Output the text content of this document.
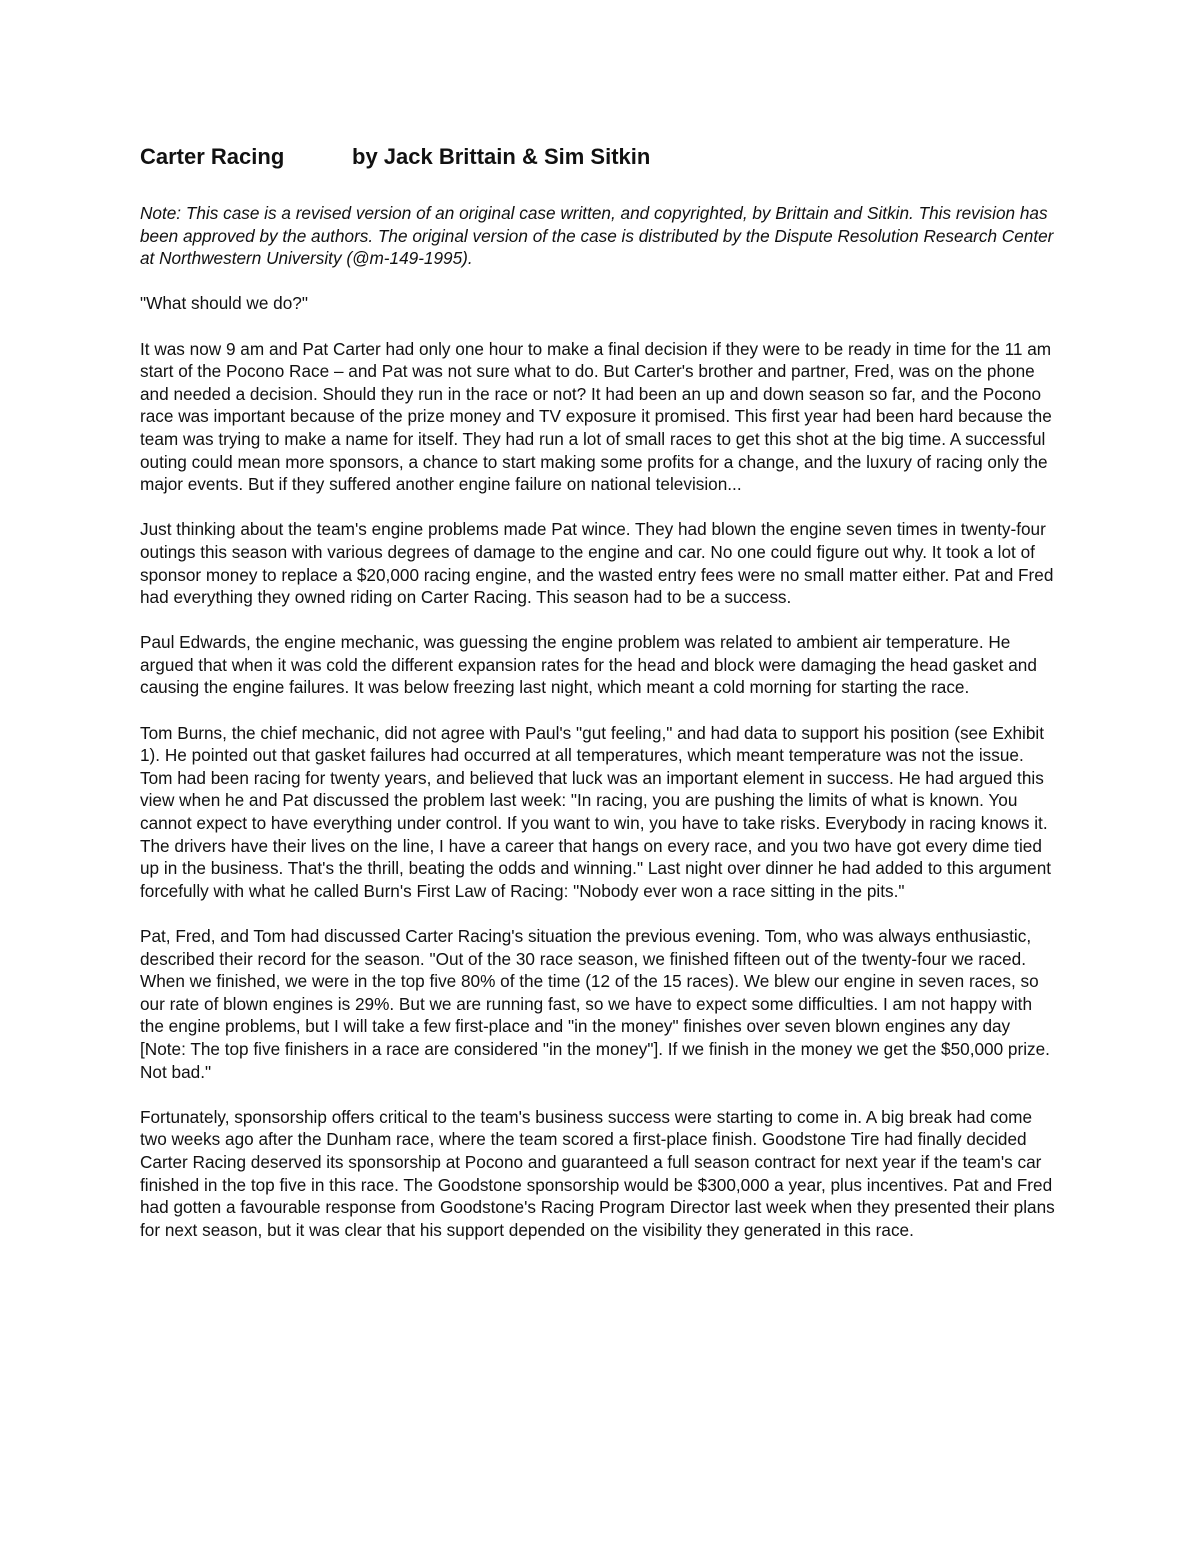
Carter Racing	by Jack Brittain & Sim Sitkin

Note: This case is a revised version of an original case written, and copyrighted, by Brittain and Sitkin. This revision has been approved by the authors. The original version of the case is distributed by the Dispute Resolution Research Center at Northwestern University (@m-149-1995).

"What should we do?"

It was now 9 am and Pat Carter had only one hour to make a final decision if they were to be ready in time for the 11 am start of the Pocono Race – and Pat was not sure what to do. But Carter's brother and partner, Fred, was on the phone and needed a decision. Should they run in the race or not? It had been an up and down season so far, and the Pocono race was important because of the prize money and TV exposure it promised. This first year had been hard because the team was trying to make a name for itself. They had run a lot of small races to get this shot at the big time. A successful outing could mean more sponsors, a chance to start making some profits for a change, and the luxury of racing only the major events. But if they suffered another engine failure on national television...

Just thinking about the team's engine problems made Pat wince. They had blown the engine seven times in twenty-four outings this season with various degrees of damage to the engine and car. No one could figure out why. It took a lot of sponsor money to replace a $20,000 racing engine, and the wasted entry fees were no small matter either. Pat and Fred had everything they owned riding on Carter Racing. This season had to be a success.

Paul Edwards, the engine mechanic, was guessing the engine problem was related to ambient air temperature. He argued that when it was cold the different expansion rates for the head and block were damaging the head gasket and causing the engine failures. It was below freezing last night, which meant a cold morning for starting the race.

Tom Burns, the chief mechanic, did not agree with Paul's "gut feeling," and had data to support his position (see Exhibit 1). He pointed out that gasket failures had occurred at all temperatures, which meant temperature was not the issue. Tom had been racing for twenty years, and believed that luck was an important element in success. He had argued this view when he and Pat discussed the problem last week: "In racing, you are pushing the limits of what is known. You cannot expect to have everything under control. If you want to win, you have to take risks. Everybody in racing knows it. The drivers have their lives on the line, I have a career that hangs on every race, and you two have got every dime tied up in the business. That's the thrill, beating the odds and winning." Last night over dinner he had added to this argument forcefully with what he called Burn's First Law of Racing: "Nobody ever won a race sitting in the pits."

Pat, Fred, and Tom had discussed Carter Racing's situation the previous evening. Tom, who was always enthusiastic, described their record for the season. "Out of the 30 race season, we finished fifteen out of the twenty-four we raced. When we finished, we were in the top five 80% of the time (12 of the 15 races). We blew our engine in seven races, so our rate of blown engines is 29%. But we are running fast, so we have to expect some difficulties. I am not happy with the engine problems, but I will take a few first-place and "in the money" finishes over seven blown engines any day [Note: The top five finishers in a race are considered "in the money"]. If we finish in the money we get the $50,000 prize. Not bad."

Fortunately, sponsorship offers critical to the team's business success were starting to come in. A big break had come two weeks ago after the Dunham race, where the team scored a first-place finish. Goodstone Tire had finally decided Carter Racing deserved its sponsorship at Pocono and guaranteed a full season contract for next year if the team's car finished in the top five in this race. The Goodstone sponsorship would be $300,000 a year, plus incentives. Pat and Fred had gotten a favourable response from Goodstone's Racing Program Director last week when they presented their plans for next season, but it was clear that his support depended on the visibility they generated in this race.
